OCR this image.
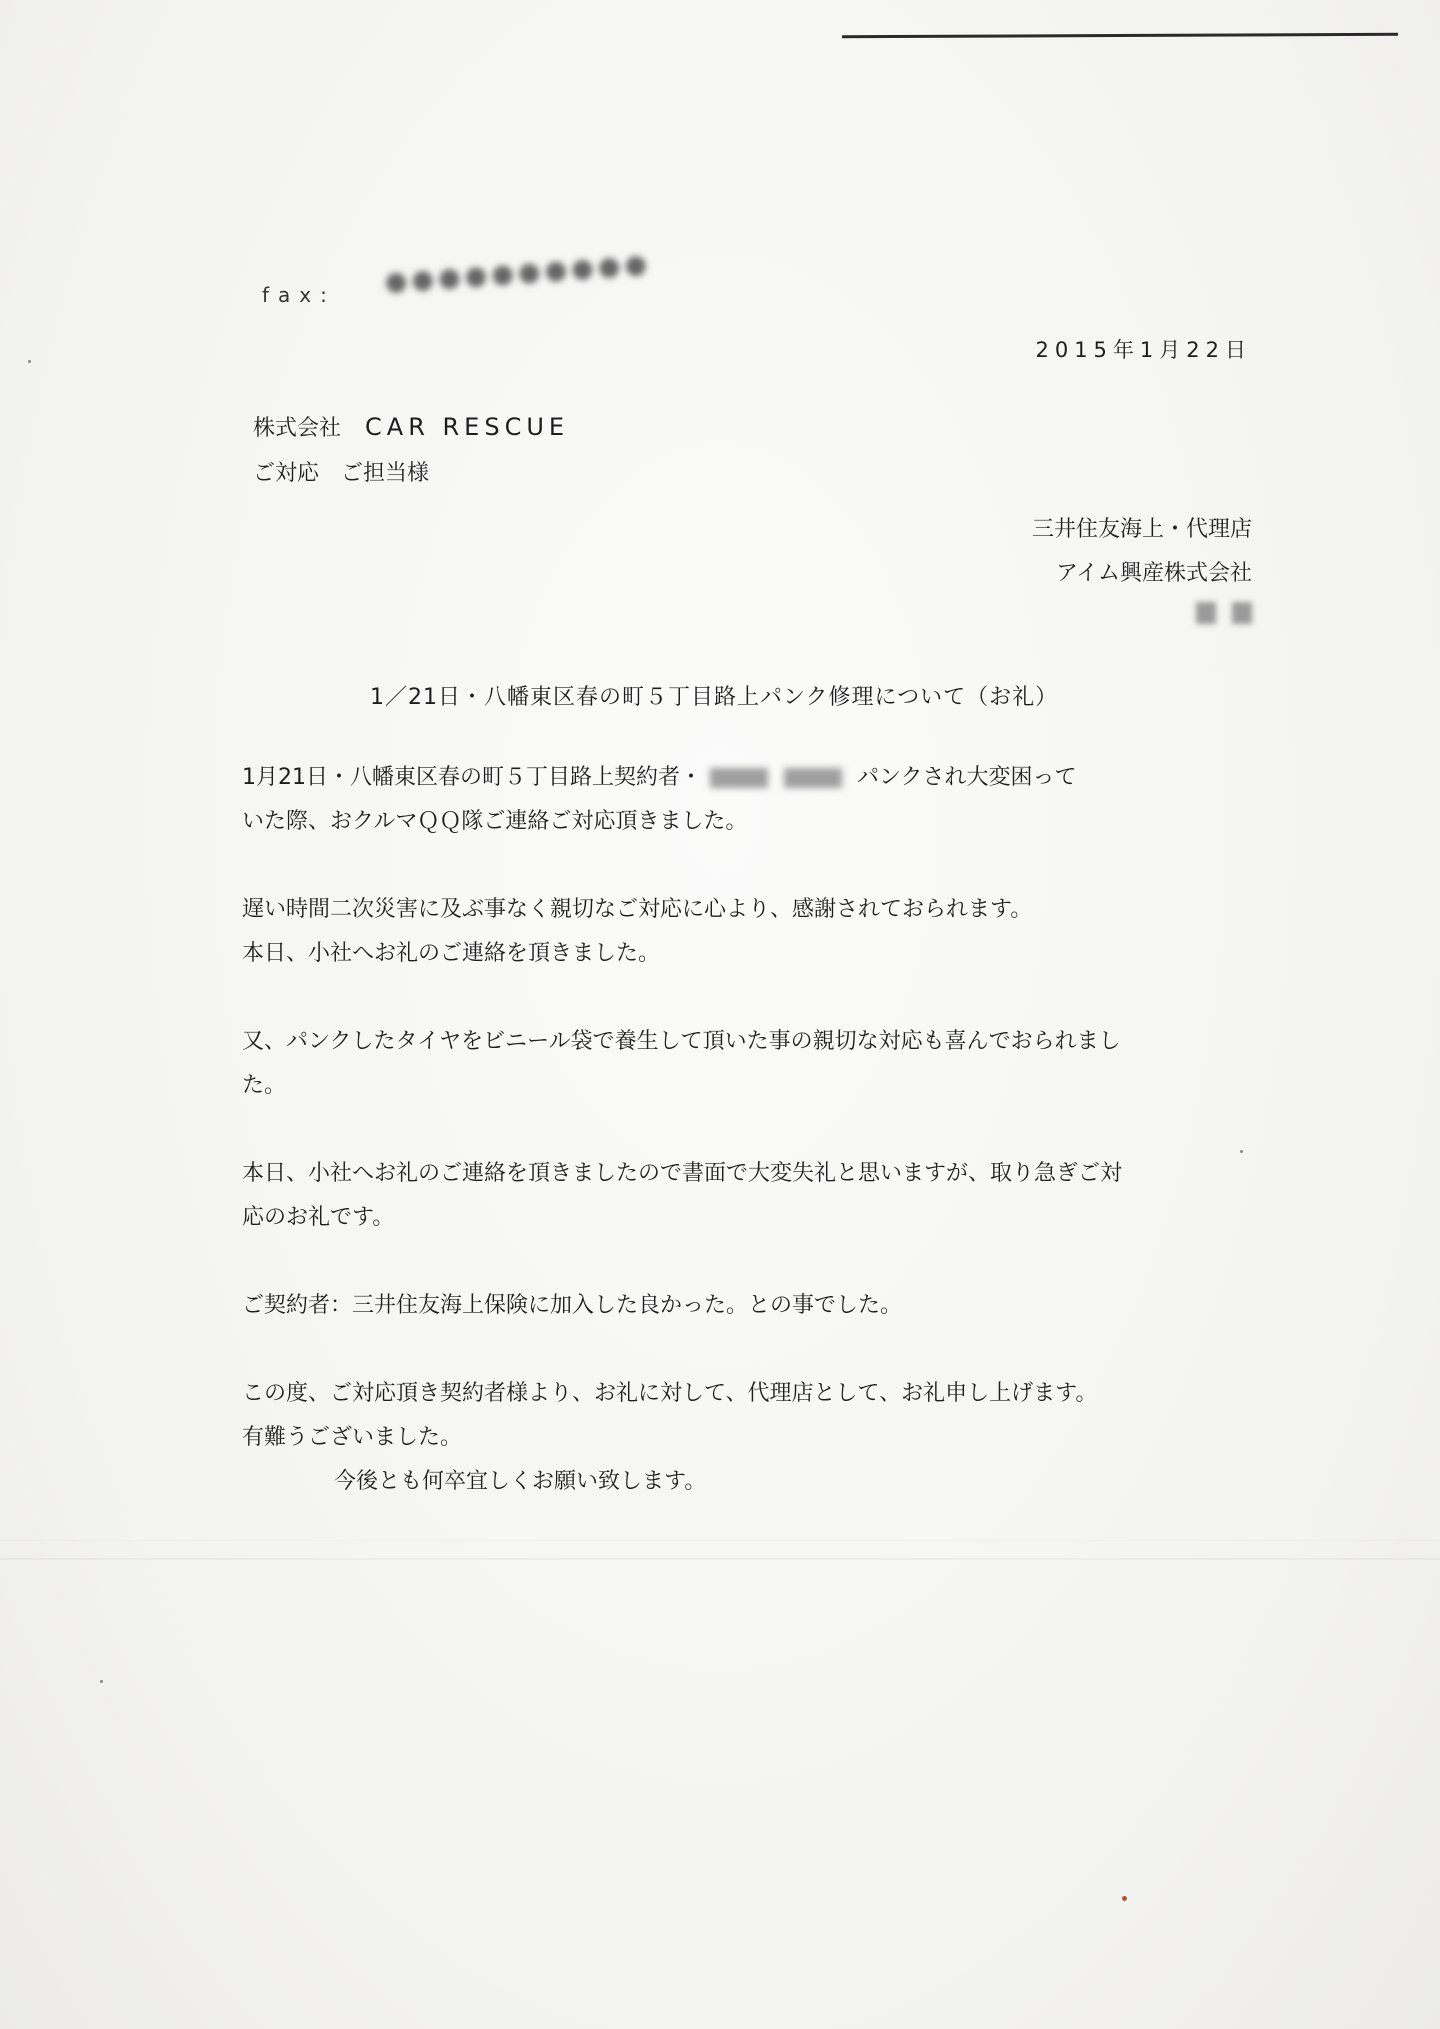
fax: ●●●●●●●●●●
2015年1月22日
株式会社 CAR RESCUE
ご対応　ご担当様
三井住友海上・代理店
アイム興産株式会社
1／21日・八幡東区春の町５丁目路上パンク修理について（お礼）
1月21日・八幡東区春の町５丁目路上契約者・	パンクされ大変困って
いた際、おクルマＱＱ隊ご連絡ご対応頂きました。
遅い時間二次災害に及ぶ事なく親切なご対応に心より、感謝されておられます。
本日、小社へお礼のご連絡を頂きました。
又、パンクしたタイヤをビニール袋で養生して頂いた事の親切な対応も喜んでおられまし
た。
本日、小社へお礼のご連絡を頂きましたので書面で大変失礼と思いますが、取り急ぎご対
応のお礼です。
ご契約者：三井住友海上保険に加入した良かった。との事でした。
この度、ご対応頂き契約者様より、お礼に対して、代理店として、お礼申し上げます。
有難うございました。
今後とも何卒宜しくお願い致します。
